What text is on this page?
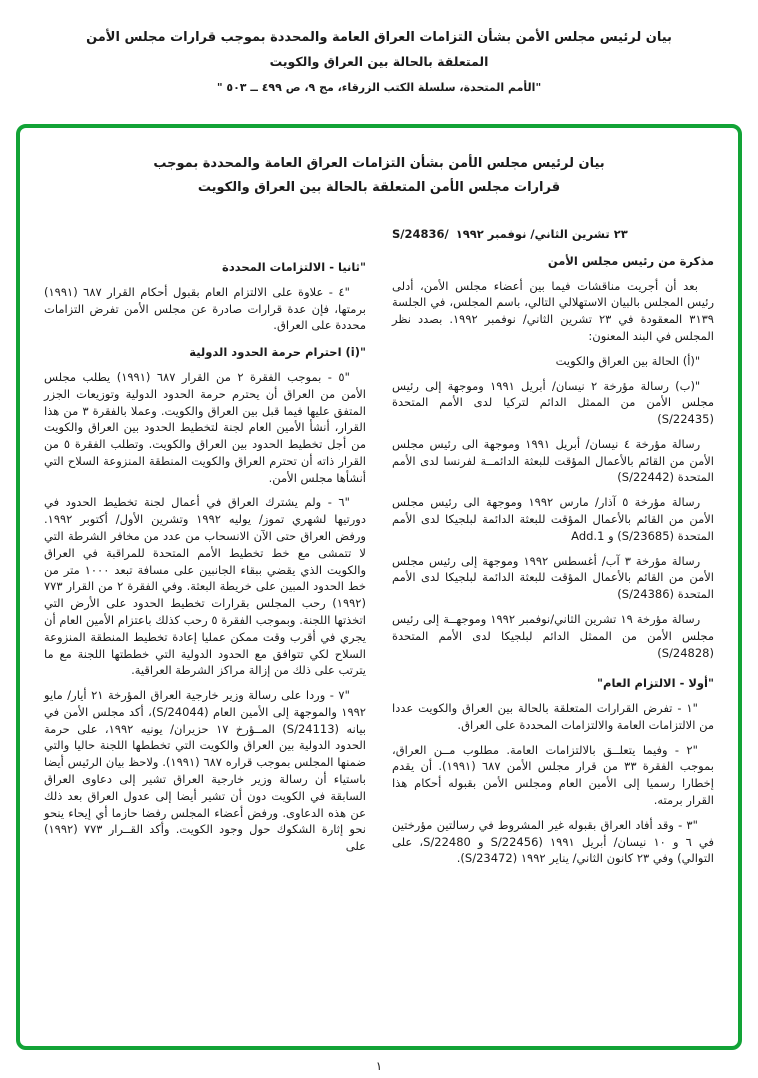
بيان لرئيس مجلس الأمن بشأن التزامات العراق العامة والمحددة بموجب قرارات مجلس الأمن
المتعلقة بالحالة بين العراق والكويت
"الأمم المتحدة، سلسلة الكتب الزرقاء، مج ٩، ص ٤٩٩ ــ ٥٠٣ "
بيان لرئيس مجلس الأمن بشأن التزامات العراق العامة والمحددة بموجب
قرارات مجلس الأمن المتعلقة بالحالة بين العراق والكويت
٢٣ تشرين الثاني/ نوفمبر ١٩٩٢
S/24836/
مذكرة من رئيس مجلس الأمن

بعد أن أجريت مناقشات فيما بين أعضاء مجلس الأمن، أدلى رئيس المجلس بالبيان الاستهلالي التالي، باسم المجلس، في الجلسة ٣١٣٩ المعقودة في ٢٣ تشرين الثاني/ نوفمبر ١٩٩٢. بصدد نظر المجلس في البند المعنون:

"(أ) الحالة بين العراق والكويت

"(ب) رسالة مؤرخة ٢ نيسان/ أبريل ١٩٩١ وموجهة إلى رئيس مجلس الأمن من الممثل الدائم لتركيا لدى الأمم المتحدة (S/22435)

رسالة مؤرخة ٤ نيسان/ أبريل ١٩٩١ وموجهة الى رئيس مجلس الأمن من القائم بالأعمال المؤقت للبعثة الدائمــة لفرنسا لدى الأمم المتحدة (S/22442)

رسالة مؤرخة ٥ آذار/ مارس ١٩٩٢ وموجهة الى رئيس مجلس الأمن من القائم بالأعمال المؤقت للبعثة الدائمة لبلجيكا لدى الأمم المتحدة (S/23685) و Add.1

رسالة مؤرخة ٣ آب/ أغسطس ١٩٩٢ وموجهة إلى رئيس مجلس الأمن من القائم بالأعمال المؤقت للبعثة الدائمة لبلجيكا لدى الأمم المتحدة (S/24386)

رسالة مؤرخة ١٩ تشرين الثاني/نوفمبر ١٩٩٢ وموجهــة إلى رئيس مجلس الأمن من الممثل الدائم لبلجيكا لدى الأمم المتحدة (S/24828)

"أولا - الالتزام العام"

"١ - تفرض القرارات المتعلقة بالحالة بين العراق والكويت عددا من الالتزامات العامة والالتزامات المحددة على العراق.

"٢ - وفيما يتعلــق بالالتزامات العامة. مطلوب مــن العراق، بموجب الفقرة ٣٣ من قرار مجلس الأمن ٦٨٧ (١٩٩١). أن يقدم إخطارا رسميا إلى الأمين العام ومجلس الأمن بقبوله أحكام هذا القرار برمته.

"٣ - وقد أفاد العراق بقبوله غير المشروط في رسالتين مؤرختين في ٦ و ١٠ نيسان/ أبريل ١٩٩١ (S/22456 و S/22480، على التوالي) وفي ٢٣ كانون الثاني/ يناير ١٩٩٢ (S/23472).

"ثانيا - الالتزامات المحددة

"٤ - علاوة على الالتزام العام بقبول أحكام القرار ٦٨٧ (١٩٩١) برمتها، فإن عدة قرارات صادرة عن مجلس الأمن تفرض التزامات محددة على العراق.

"(i) احترام حرمة الحدود الدولية

"٥ - بموجب الفقرة ٢ من القرار ٦٨٧ (١٩٩١) يطلب مجلس الأمن من العراق أن يحترم حرمة الحدود الدولية وتوزيعات الجزر المتفق عليها فيما قبل بين العراق والكويت. وعملا بالفقرة ٣ من هذا القرار، أنشأ الأمين العام لجنة لتخطيط الحدود بين العراق والكويت من أجل تخطيط الحدود بين العراق والكويت. وتطلب الفقرة ٥ من القرار ذاته أن تحترم العراق والكويت المنطقة المنزوعة السلاح التي أنشأها مجلس الأمن.

"٦ - ولم يشترك العراق في أعمال لجنة تخطيط الحدود في دورتيها لشهري تموز/ يوليه ١٩٩٢ وتشرين الأول/ أكتوبر ١٩٩٢. ورفض العراق حتى الآن الانسحاب من عدد من مخافر الشرطة التي لا تتمشى مع خط تخطيط الأمم المتحدة للمراقبة في العراق والكويت الذي يقضي ببقاء الجانبين على مسافة تبعد ١٠٠٠ متر من خط الحدود المبين على خريطة البعثة. وفي الفقرة ٢ من القرار ٧٧٣ (١٩٩٢) رحب المجلس بقرارات تخطيط الحدود على الأرض التي اتخذتها اللجنة. وبموجب الفقرة ٥ رحب كذلك باعتزام الأمين العام أن يجري في أقرب وقت ممكن عمليا إعادة تخطيط المنطقة المنزوعة السلاح لكي تتوافق مع الحدود الدولية التي خططتها اللجنة مع ما يترتب على ذلك من إزالة مراكز الشرطة العراقية.

"٧ - وردا على رسالة وزير خارجية العراق المؤرخة ٢١ أيار/ مايو ١٩٩٢ والموجهة إلى الأمين العام (S/24044)، أكد مجلس الأمن في بيانه (S/24113) المــؤرخ ١٧ حزيران/ يونيه ١٩٩٢، على حرمة الحدود الدولية بين العراق والكويت التي تخططها اللجنة حاليا والتي ضمنها المجلس بموجب قراره ٦٨٧ (١٩٩١). ولاحظ بيان الرئيس أيضا باستياء أن رسالة وزير خارجية العراق تشير إلى دعاوى العراق السابقة في الكويت دون أن تشير أيضا إلى عدول العراق بعد ذلك عن هذه الدعاوى. ورفض أعضاء المجلس رفضا حازما أي إيحاء ينحو نحو إثارة الشكوك حول وجود الكويت. وأكد القــرار ٧٧٣ (١٩٩٢) على

١
